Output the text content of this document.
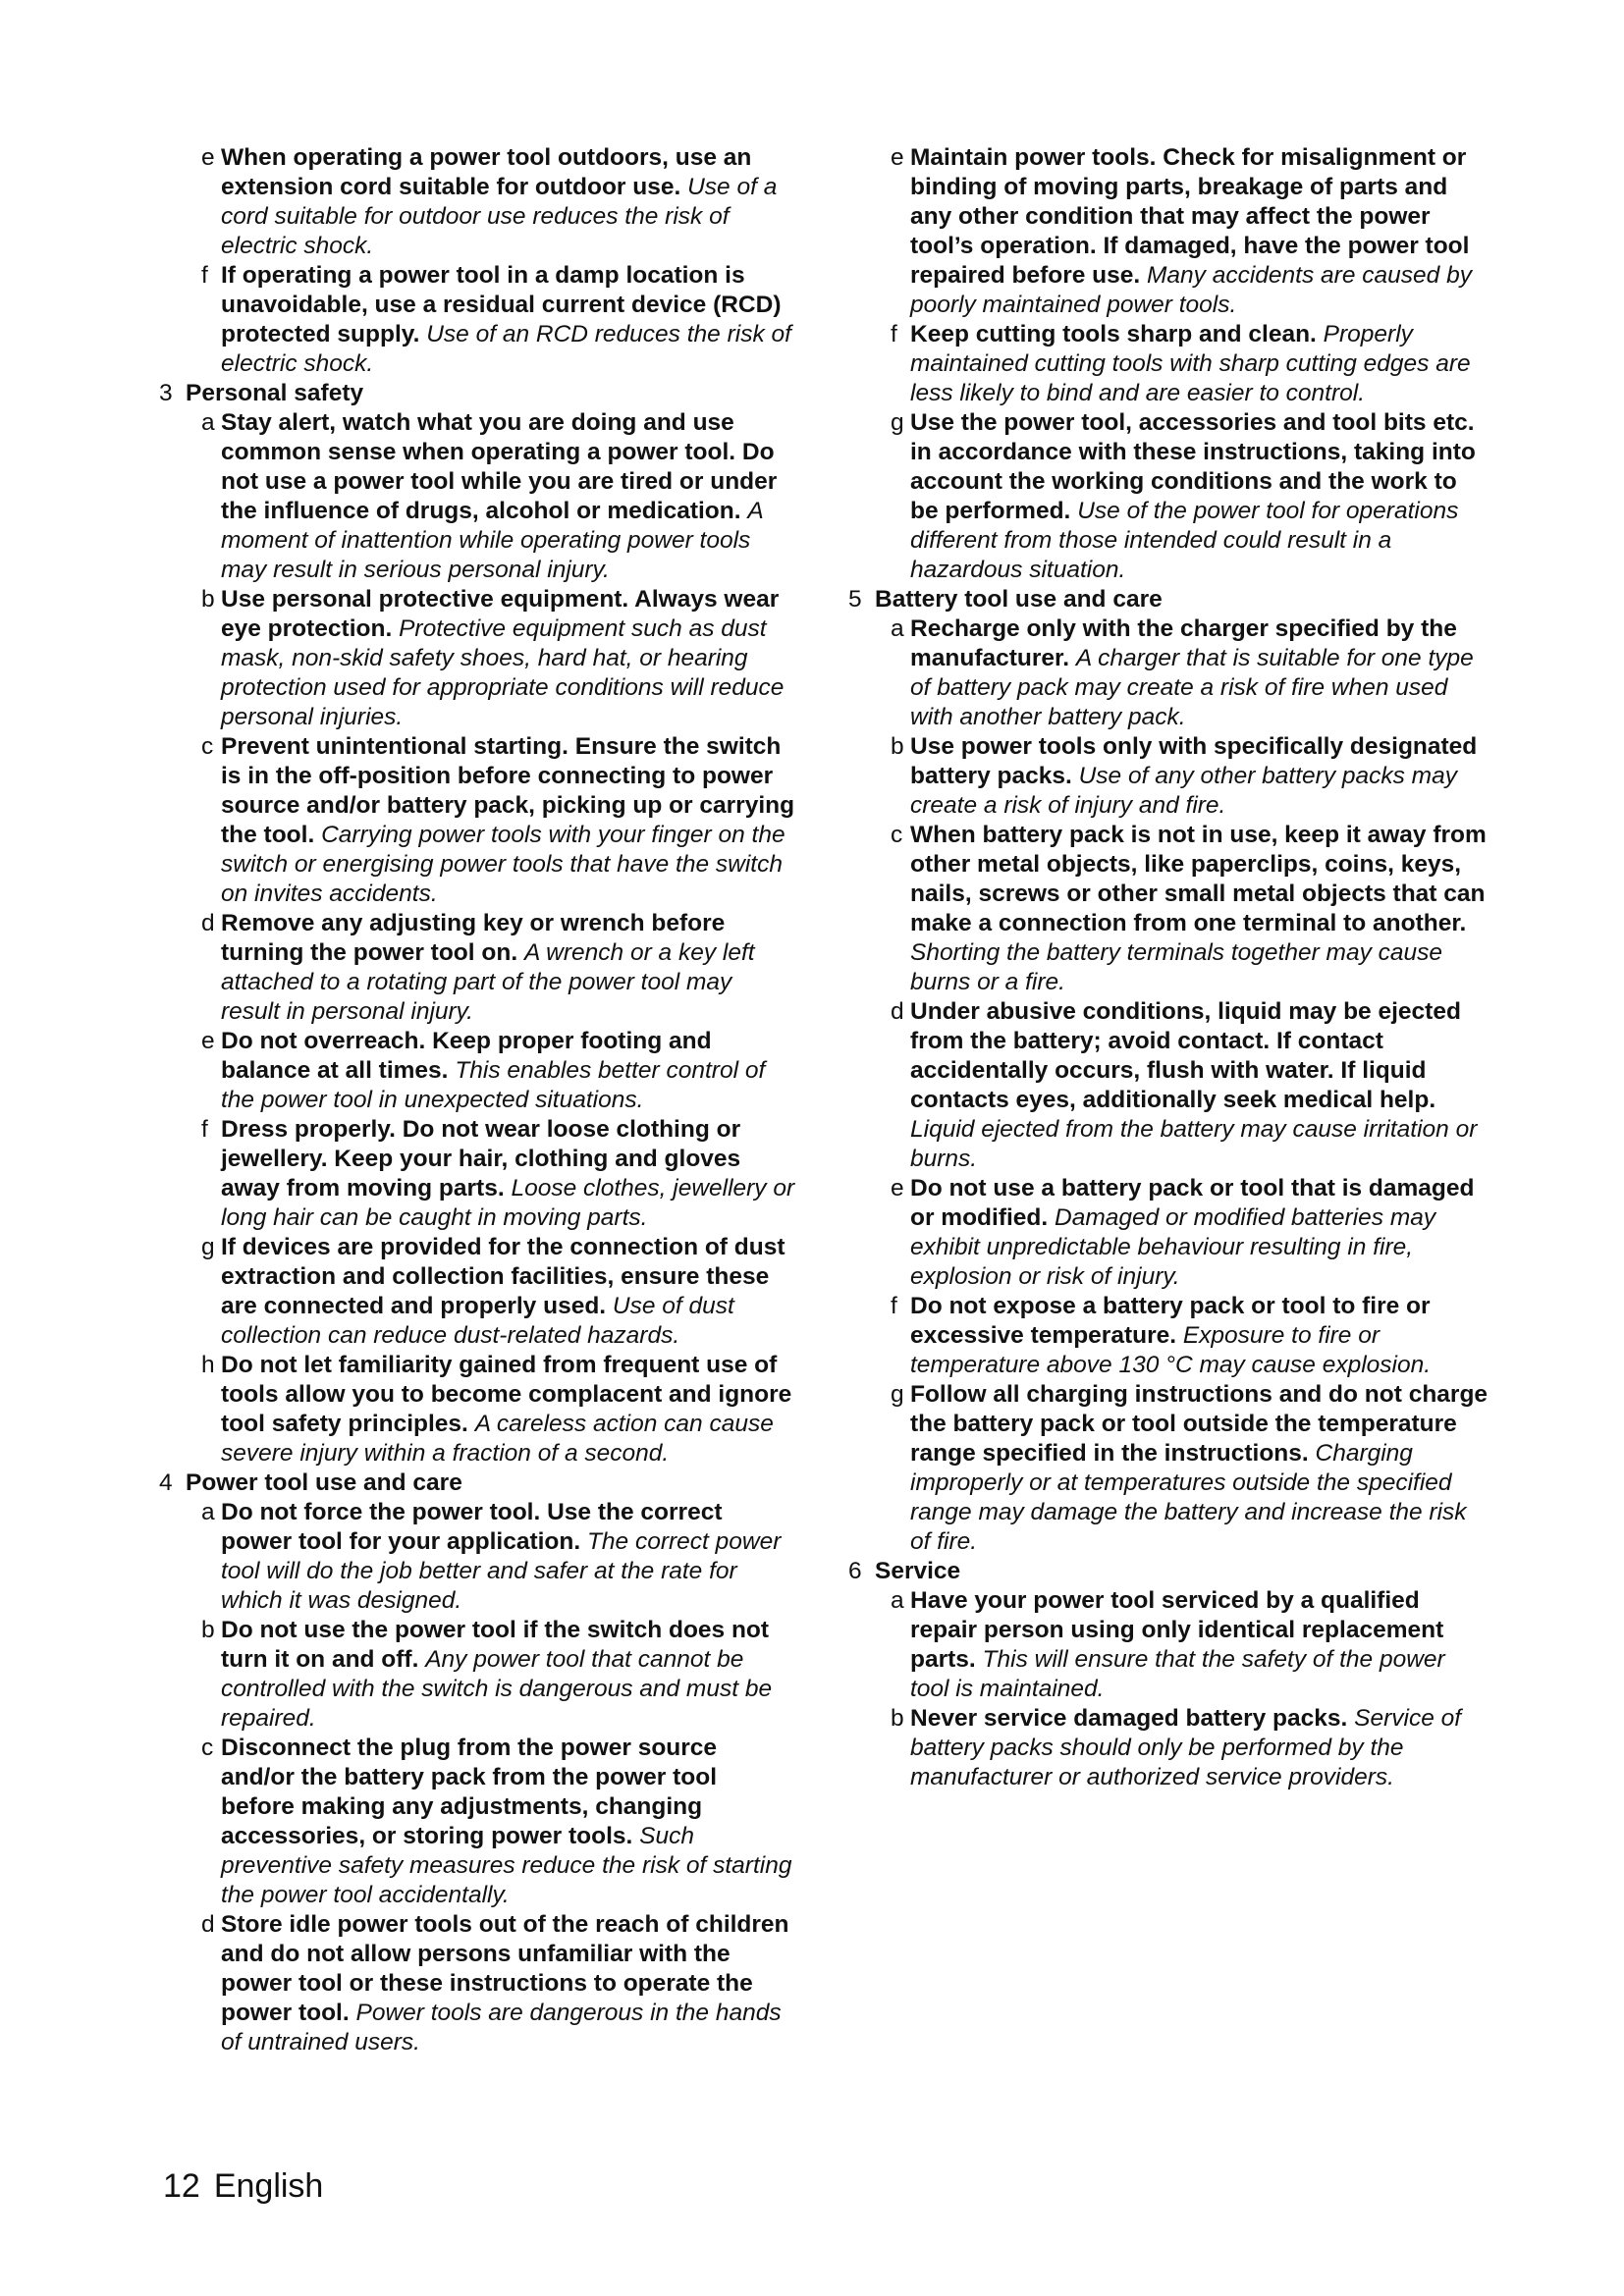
e When operating a power tool outdoors, use an extension cord suitable for outdoor use. Use of a cord suitable for outdoor use reduces the risk of electric shock.
f If operating a power tool in a damp location is unavoidable, use a residual current device (RCD) protected supply. Use of an RCD reduces the risk of electric shock.
3 Personal safety
a Stay alert, watch what you are doing and use common sense when operating a power tool. Do not use a power tool while you are tired or under the influence of drugs, alcohol or medication. A moment of inattention while operating power tools may result in serious personal injury.
b Use personal protective equipment. Always wear eye protection. Protective equipment such as dust mask, non-skid safety shoes, hard hat, or hearing protection used for appropriate conditions will reduce personal injuries.
c Prevent unintentional starting. Ensure the switch is in the off-position before connecting to power source and/or battery pack, picking up or carrying the tool. Carrying power tools with your finger on the switch or energising power tools that have the switch on invites accidents.
d Remove any adjusting key or wrench before turning the power tool on. A wrench or a key left attached to a rotating part of the power tool may result in personal injury.
e Do not overreach. Keep proper footing and balance at all times. This enables better control of the power tool in unexpected situations.
f Dress properly. Do not wear loose clothing or jewellery. Keep your hair, clothing and gloves away from moving parts. Loose clothes, jewellery or long hair can be caught in moving parts.
g If devices are provided for the connection of dust extraction and collection facilities, ensure these are connected and properly used. Use of dust collection can reduce dust-related hazards.
h Do not let familiarity gained from frequent use of tools allow you to become complacent and ignore tool safety principles. A careless action can cause severe injury within a fraction of a second.
4 Power tool use and care
a Do not force the power tool. Use the correct power tool for your application. The correct power tool will do the job better and safer at the rate for which it was designed.
b Do not use the power tool if the switch does not turn it on and off. Any power tool that cannot be controlled with the switch is dangerous and must be repaired.
c Disconnect the plug from the power source and/or the battery pack from the power tool before making any adjustments, changing accessories, or storing power tools. Such preventive safety measures reduce the risk of starting the power tool accidentally.
d Store idle power tools out of the reach of children and do not allow persons unfamiliar with the power tool or these instructions to operate the power tool. Power tools are dangerous in the hands of untrained users.
e Maintain power tools. Check for misalignment or binding of moving parts, breakage of parts and any other condition that may affect the power tool’s operation. If damaged, have the power tool repaired before use. Many accidents are caused by poorly maintained power tools.
f Keep cutting tools sharp and clean. Properly maintained cutting tools with sharp cutting edges are less likely to bind and are easier to control.
g Use the power tool, accessories and tool bits etc. in accordance with these instructions, taking into account the working conditions and the work to be performed. Use of the power tool for operations different from those intended could result in a hazardous situation.
5 Battery tool use and care
a Recharge only with the charger specified by the manufacturer. A charger that is suitable for one type of battery pack may create a risk of fire when used with another battery pack.
b Use power tools only with specifically designated battery packs. Use of any other battery packs may create a risk of injury and fire.
c When battery pack is not in use, keep it away from other metal objects, like paperclips, coins, keys, nails, screws or other small metal objects that can make a connection from one terminal to another. Shorting the battery terminals together may cause burns or a fire.
d Under abusive conditions, liquid may be ejected from the battery; avoid contact. If contact accidentally occurs, flush with water. If liquid contacts eyes, additionally seek medical help. Liquid ejected from the battery may cause irritation or burns.
e Do not use a battery pack or tool that is damaged or modified. Damaged or modified batteries may exhibit unpredictable behaviour resulting in fire, explosion or risk of injury.
f Do not expose a battery pack or tool to fire or excessive temperature. Exposure to fire or temperature above 130 °C may cause explosion.
g Follow all charging instructions and do not charge the battery pack or tool outside the temperature range specified in the instructions. Charging improperly or at temperatures outside the specified range may damage the battery and increase the risk of fire.
6 Service
a Have your power tool serviced by a qualified repair person using only identical replacement parts. This will ensure that the safety of the power tool is maintained.
b Never service damaged battery packs. Service of battery packs should only be performed by the manufacturer or authorized service providers.
12 English
